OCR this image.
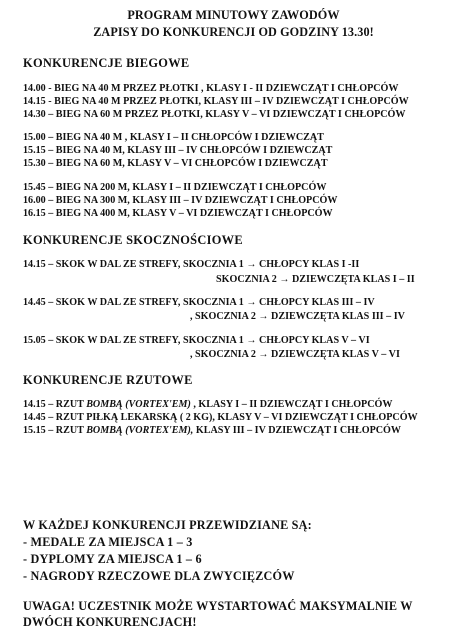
PROGRAM MINUTOWY ZAWODÓW
ZAPISY DO KONKURENCJI OD GODZINY 13.30!
KONKURENCJE BIEGOWE
14.00 - BIEG NA 40 M PRZEZ PŁOTKI , KLASY I - II DZIEWCZĄT I CHŁOPCÓW
14.15 - BIEG NA 40 M PRZEZ PŁOTKI, KLASY III – IV DZIEWCZĄT I CHŁOPCÓW
14.30 – BIEG NA 60 M PRZEZ PŁOTKI, KLASY V – VI DZIEWCZĄT I CHŁOPCÓW
15.00 – BIEG NA 40 M , KLASY I – II CHŁOPCÓW I DZIEWCZĄT
15.15 – BIEG NA 40 M, KLASY III – IV CHŁOPCÓW I DZIEWCZĄT
15.30 – BIEG NA 60 M, KLASY V – VI CHŁOPCÓW I DZIEWCZĄT
15.45 – BIEG NA 200 M, KLASY I – II DZIEWCZĄT I CHŁOPCÓW
16.00 – BIEG NA 300 M, KLASY III – IV DZIEWCZĄT I CHŁOPCÓW
16.15 – BIEG NA 400 M, KLASY V – VI DZIEWCZĄT I CHŁOPCÓW
KONKURENCJE SKOCZNOŚCIOWE
14.15 – SKOK W DAL ZE STREFY, SKOCZNIA 1 → CHŁOPCY KLAS I -II
SKOCZNIA 2 → DZIEWCZĘTA KLAS I – II
14.45 – SKOK W DAL ZE STREFY, SKOCZNIA 1 → CHŁOPCY KLAS III – IV
, SKOCZNIA 2 → DZIEWCZĘTA KLAS III – IV
15.05 – SKOK W DAL ZE STREFY, SKOCZNIA 1 → CHŁOPCY KLAS V – VI
, SKOCZNIA 2 → DZIEWCZĘTA KLAS V – VI
KONKURENCJE RZUTOWE
14.15 – RZUT BOMBĄ (VORTEX'EM) , KLASY I – II DZIEWCZĄT I CHŁOPCÓW
14.45 – RZUT PIŁKĄ LEKARSKĄ ( 2 KG), KLASY V – VI DZIEWCZĄT I CHŁOPCÓW
15.15 – RZUT BOMBĄ (VORTEX'EM), KLASY III – IV DZIEWCZĄT I CHŁOPCÓW
W KAŻDEJ KONKURENCJI PRZEWIDZIANE SĄ:
- MEDALE ZA MIEJSCA 1 – 3
- DYPLOMY ZA MIEJSCA 1 – 6
- NAGRODY RZECZOWE DLA ZWYCIĘZCÓW
UWAGA! UCZESTNIK MOŻE WYSTARTOWAĆ MAKSYMALNIE W
DWÓCH KONKURENCJACH!
